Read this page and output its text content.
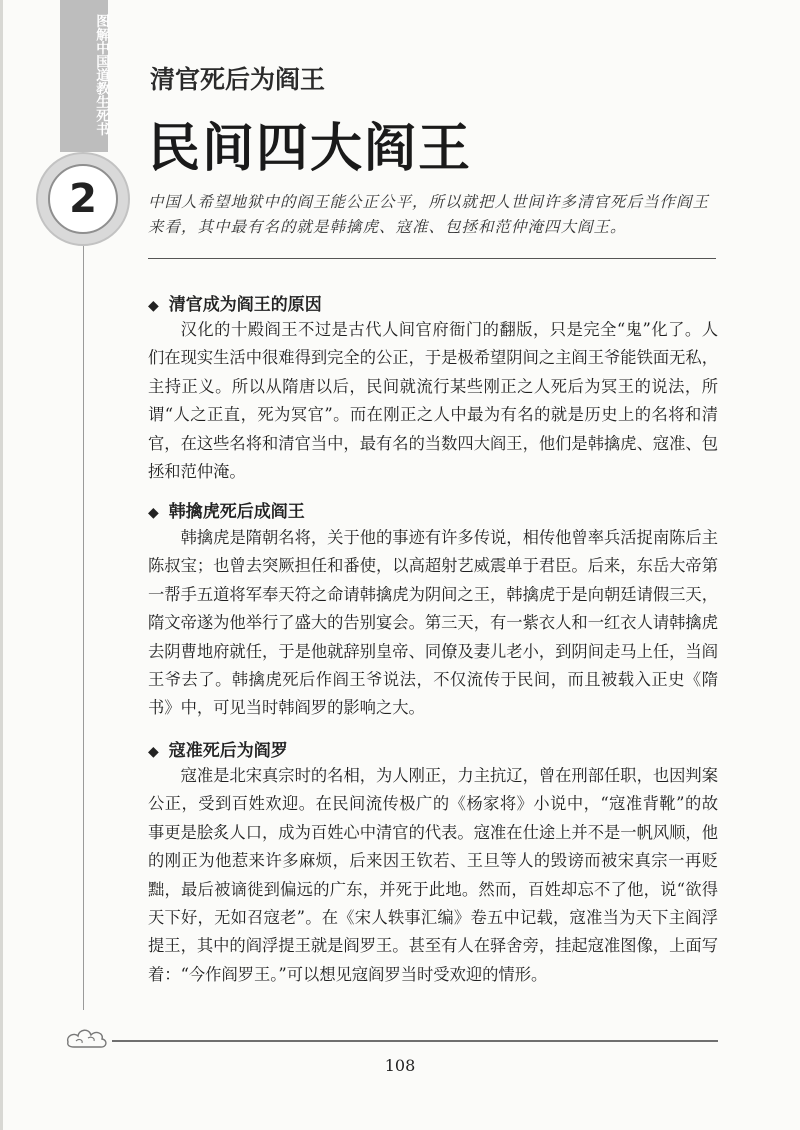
图解中国道教生死书
2
清官死后为阎王
民间四大阎王
中国人希望地狱中的阎王能公正公平，所以就把人世间许多清官死后当作阎王来看，其中最有名的就是韩擒虎、寇准、包拯和范仲淹四大阎王。
◆ 清官成为阎王的原因
汉化的十殿阎王不过是古代人间官府衙门的翻版，只是完全“鬼”化了。人们在现实生活中很难得到完全的公正，于是极希望阴间之主阎王爷能铁面无私，主持正义。所以从隋唐以后，民间就流行某些刚正之人死后为冥王的说法，所谓“人之正直，死为冥官”。而在刚正之人中最为有名的就是历史上的名将和清官，在这些名将和清官当中，最有名的当数四大阎王，他们是韩擒虎、寇准、包拯和范仲淹。
◆ 韩擒虎死后成阎王
韩擒虎是隋朝名将，关于他的事迹有许多传说，相传他曾率兵活捉南陈后主陈叔宝；也曾去突厥担任和番使，以高超射艺威震单于君臣。后来，东岳大帝第一帮手五道将军奉天符之命请韩擒虎为阴间之王，韩擒虎于是向朝廷请假三天，隋文帝遂为他举行了盛大的告别宴会。第三天，有一紫衣人和一红衣人请韩擒虎去阴曹地府就任，于是他就辞别皇帝、同僚及妻儿老小，到阴间走马上任，当阎王爷去了。韩擒虎死后作阎王爷说法，不仅流传于民间，而且被载入正史《隋书》中，可见当时韩阎罗的影响之大。
◆ 寇准死后为阎罗
寇准是北宋真宗时的名相，为人刚正，力主抗辽，曾在刑部任职，也因判案公正，受到百姓欢迎。在民间流传极广的《杨家将》小说中，“寇准背靴”的故事更是脍炙人口，成为百姓心中清官的代表。寇准在仕途上并不是一帆风顺，他的刚正为他惹来许多麻烦，后来因王钦若、王旦等人的毁谤而被宋真宗一再贬黜，最后被谪徙到偏远的广东，并死于此地。然而，百姓却忘不了他，说“欲得天下好，无如召寇老”。在《宋人轶事汇编》卷五中记载，寇准当为天下主阎浮提王，其中的阎浮提王就是阎罗王。甚至有人在驿舍旁，挂起寇准图像，上面写着：“今作阎罗王。”可以想见寇阎罗当时受欢迎的情形。
108
